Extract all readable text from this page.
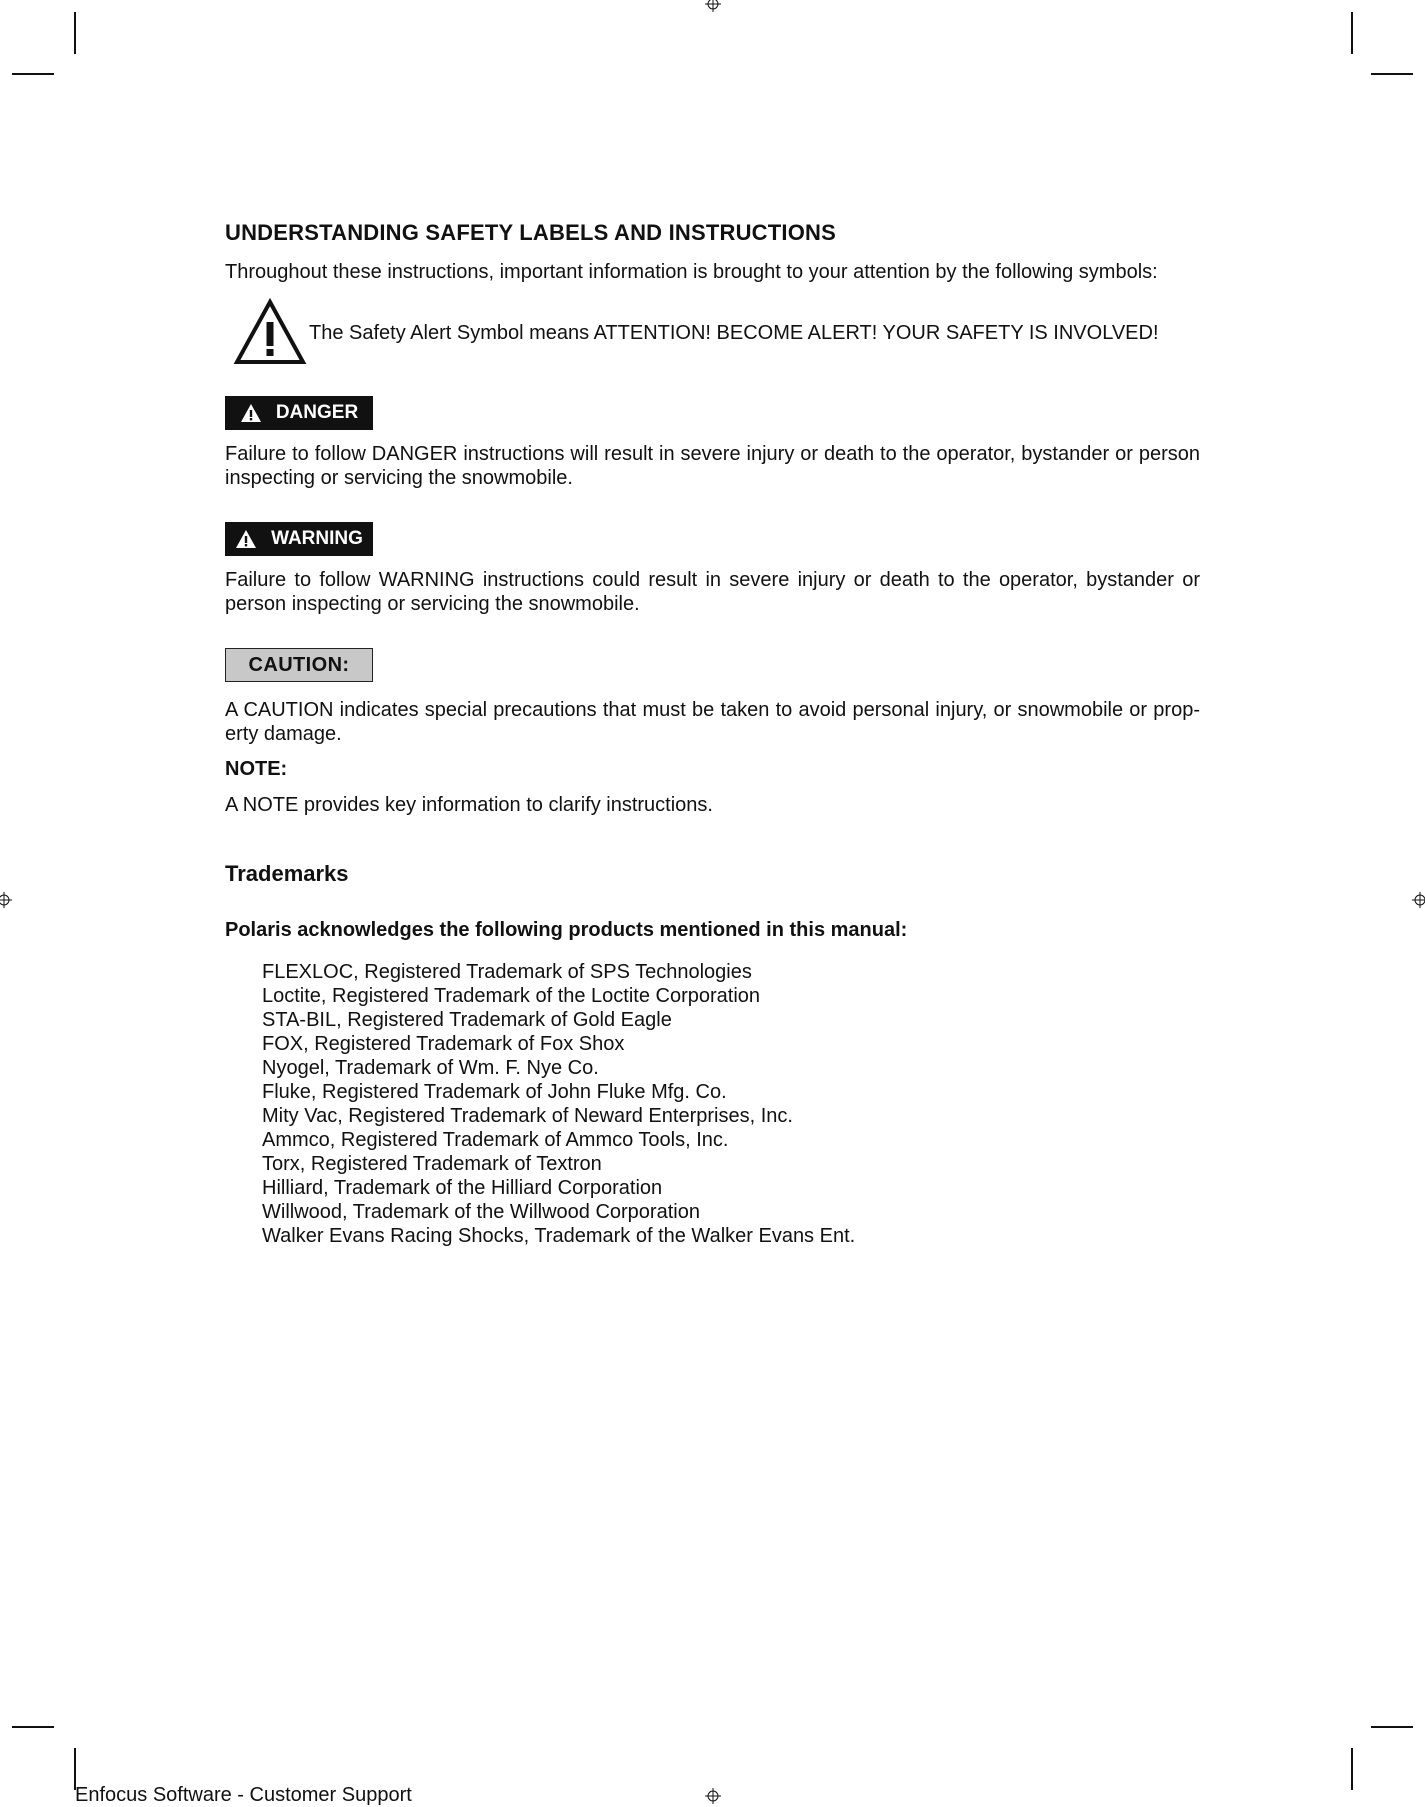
UNDERSTANDING SAFETY LABELS AND INSTRUCTIONS

Throughout these instructions, important information is brought to your attention by the following symbols:

The Safety Alert Symbol means ATTENTION! BECOME ALERT! YOUR SAFETY IS INVOLVED!
DANGER

Failure to follow DANGER instructions will result in severe injury or death to the operator, bystander or person inspecting or servicing the snowmobile.

WARNING

Failure to follow WARNING instructions could result in severe injury or death to the operator, bystander or person inspecting or servicing the snowmobile.

CAUTION:

A CAUTION indicates special precautions that must be taken to avoid personal injury, or snowmobile or prop-erty damage.

NOTE:

A NOTE provides key information to clarify instructions.

Trademarks

Polaris acknowledges the following products mentioned in this manual:

FLEXLOC, Registered Trademark of SPS Technologies
Loctite, Registered Trademark of the Loctite Corporation
STA-BIL, Registered Trademark of Gold Eagle
FOX, Registered Trademark of Fox Shox
Nyogel, Trademark of Wm. F. Nye Co.
Fluke, Registered Trademark of John Fluke Mfg. Co.
Mity Vac, Registered Trademark of Neward Enterprises, Inc.
Ammco, Registered Trademark of Ammco Tools, Inc.
Torx, Registered Trademark of Textron
Hilliard, Trademark of the Hilliard Corporation
Willwood, Trademark of the Willwood Corporation
Walker Evans Racing Shocks, Trademark of the Walker Evans Ent.
Enfocus Software - Customer Support
